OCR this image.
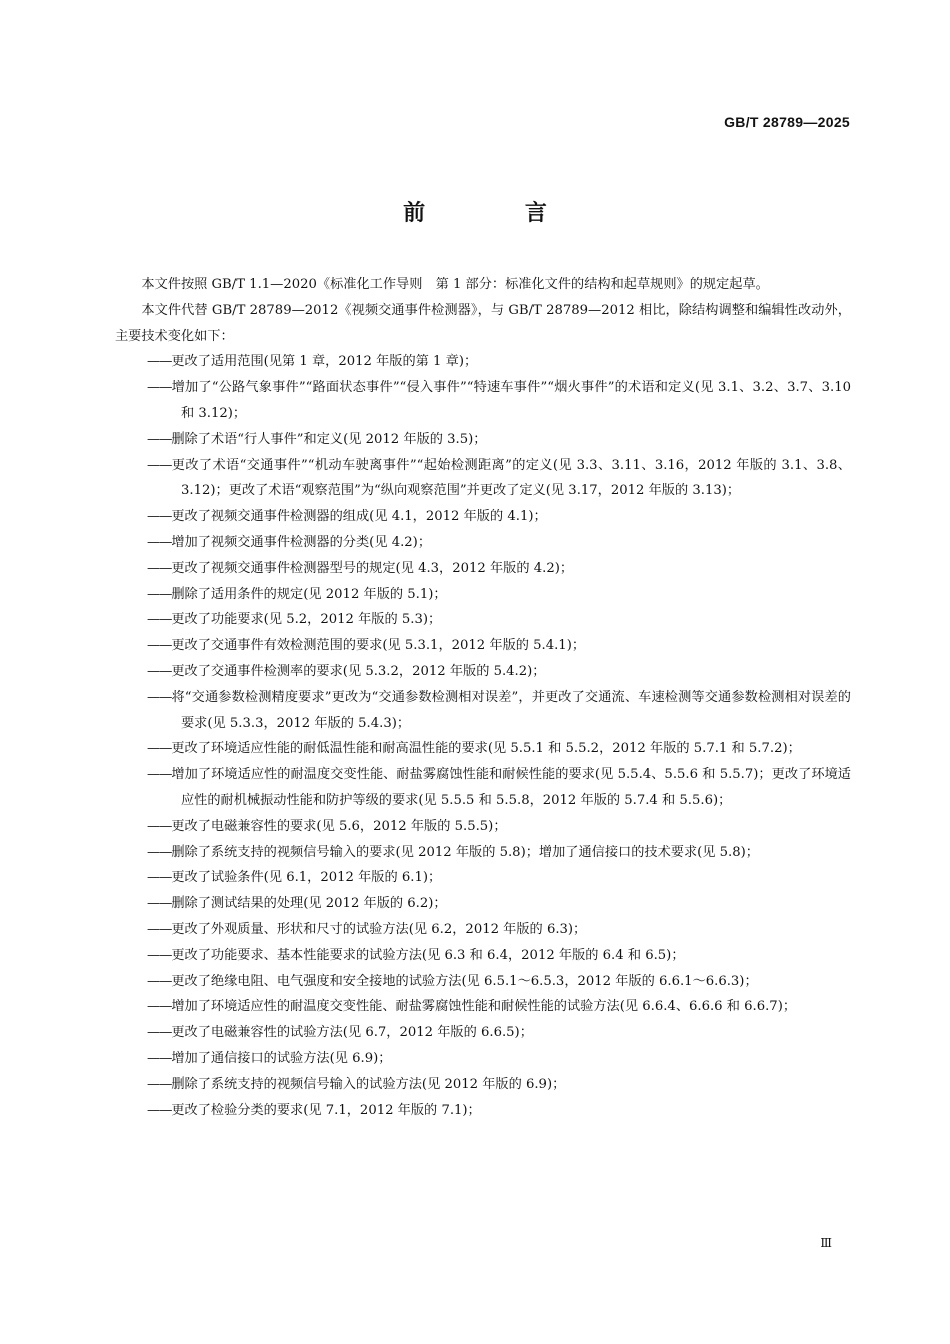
GB/T 28789—2025
前 言

本文件按照 GB/T 1.1—2020《标准化工作导则　第 1 部分：标准化文件的结构和起草规则》的规定起草。

本文件代替 GB/T 28789—2012《视频交通事件检测器》，与 GB/T 28789—2012 相比，除结构调整和编辑性改动外，主要技术变化如下：

——更改了适用范围(见第 1 章，2012 年版的第 1 章)；
——增加了“公路气象事件”“路面状态事件”“侵入事件”“特速车事件”“烟火事件”的术语和定义(见 3.1、3.2、3.7、3.10 和 3.12)；
——删除了术语“行人事件”和定义(见 2012 年版的 3.5)；
——更改了术语“交通事件”“机动车驶离事件”“起始检测距离”的定义(见 3.3、3.11、3.16，2012 年版的 3.1、3.8、3.12)；更改了术语“观察范围”为“纵向观察范围”并更改了定义(见 3.17，2012 年版的 3.13)；
——更改了视频交通事件检测器的组成(见 4.1，2012 年版的 4.1)；
——增加了视频交通事件检测器的分类(见 4.2)；
——更改了视频交通事件检测器型号的规定(见 4.3，2012 年版的 4.2)；
——删除了适用条件的规定(见 2012 年版的 5.1)；
——更改了功能要求(见 5.2，2012 年版的 5.3)；
——更改了交通事件有效检测范围的要求(见 5.3.1，2012 年版的 5.4.1)；
——更改了交通事件检测率的要求(见 5.3.2，2012 年版的 5.4.2)；
——将“交通参数检测精度要求”更改为“交通参数检测相对误差”，并更改了交通流、车速检测等交通参数检测相对误差的要求(见 5.3.3，2012 年版的 5.4.3)；
——更改了环境适应性能的耐低温性能和耐高温性能的要求(见 5.5.1 和 5.5.2，2012 年版的 5.7.1 和 5.7.2)；
——增加了环境适应性的耐温度交变性能、耐盐雾腐蚀性能和耐候性能的要求(见 5.5.4、5.5.6 和 5.5.7)；更改了环境适应性的耐机械振动性能和防护等级的要求(见 5.5.5 和 5.5.8，2012 年版的 5.7.4 和 5.5.6)；
——更改了电磁兼容性的要求(见 5.6，2012 年版的 5.5.5)；
——删除了系统支持的视频信号输入的要求(见 2012 年版的 5.8)；增加了通信接口的技术要求(见 5.8)；
——更改了试验条件(见 6.1，2012 年版的 6.1)；
——删除了测试结果的处理(见 2012 年版的 6.2)；
——更改了外观质量、形状和尺寸的试验方法(见 6.2，2012 年版的 6.3)；
——更改了功能要求、基本性能要求的试验方法(见 6.3 和 6.4，2012 年版的 6.4 和 6.5)；
——更改了绝缘电阻、电气强度和安全接地的试验方法(见 6.5.1～6.5.3，2012 年版的 6.6.1～6.6.3)；
——增加了环境适应性的耐温度交变性能、耐盐雾腐蚀性能和耐候性能的试验方法(见 6.6.4、6.6.6 和 6.6.7)；
——更改了电磁兼容性的试验方法(见 6.7，2012 年版的 6.6.5)；
——增加了通信接口的试验方法(见 6.9)；
——删除了系统支持的视频信号输入的试验方法(见 2012 年版的 6.9)；
——更改了检验分类的要求(见 7.1，2012 年版的 7.1)；
Ⅲ
